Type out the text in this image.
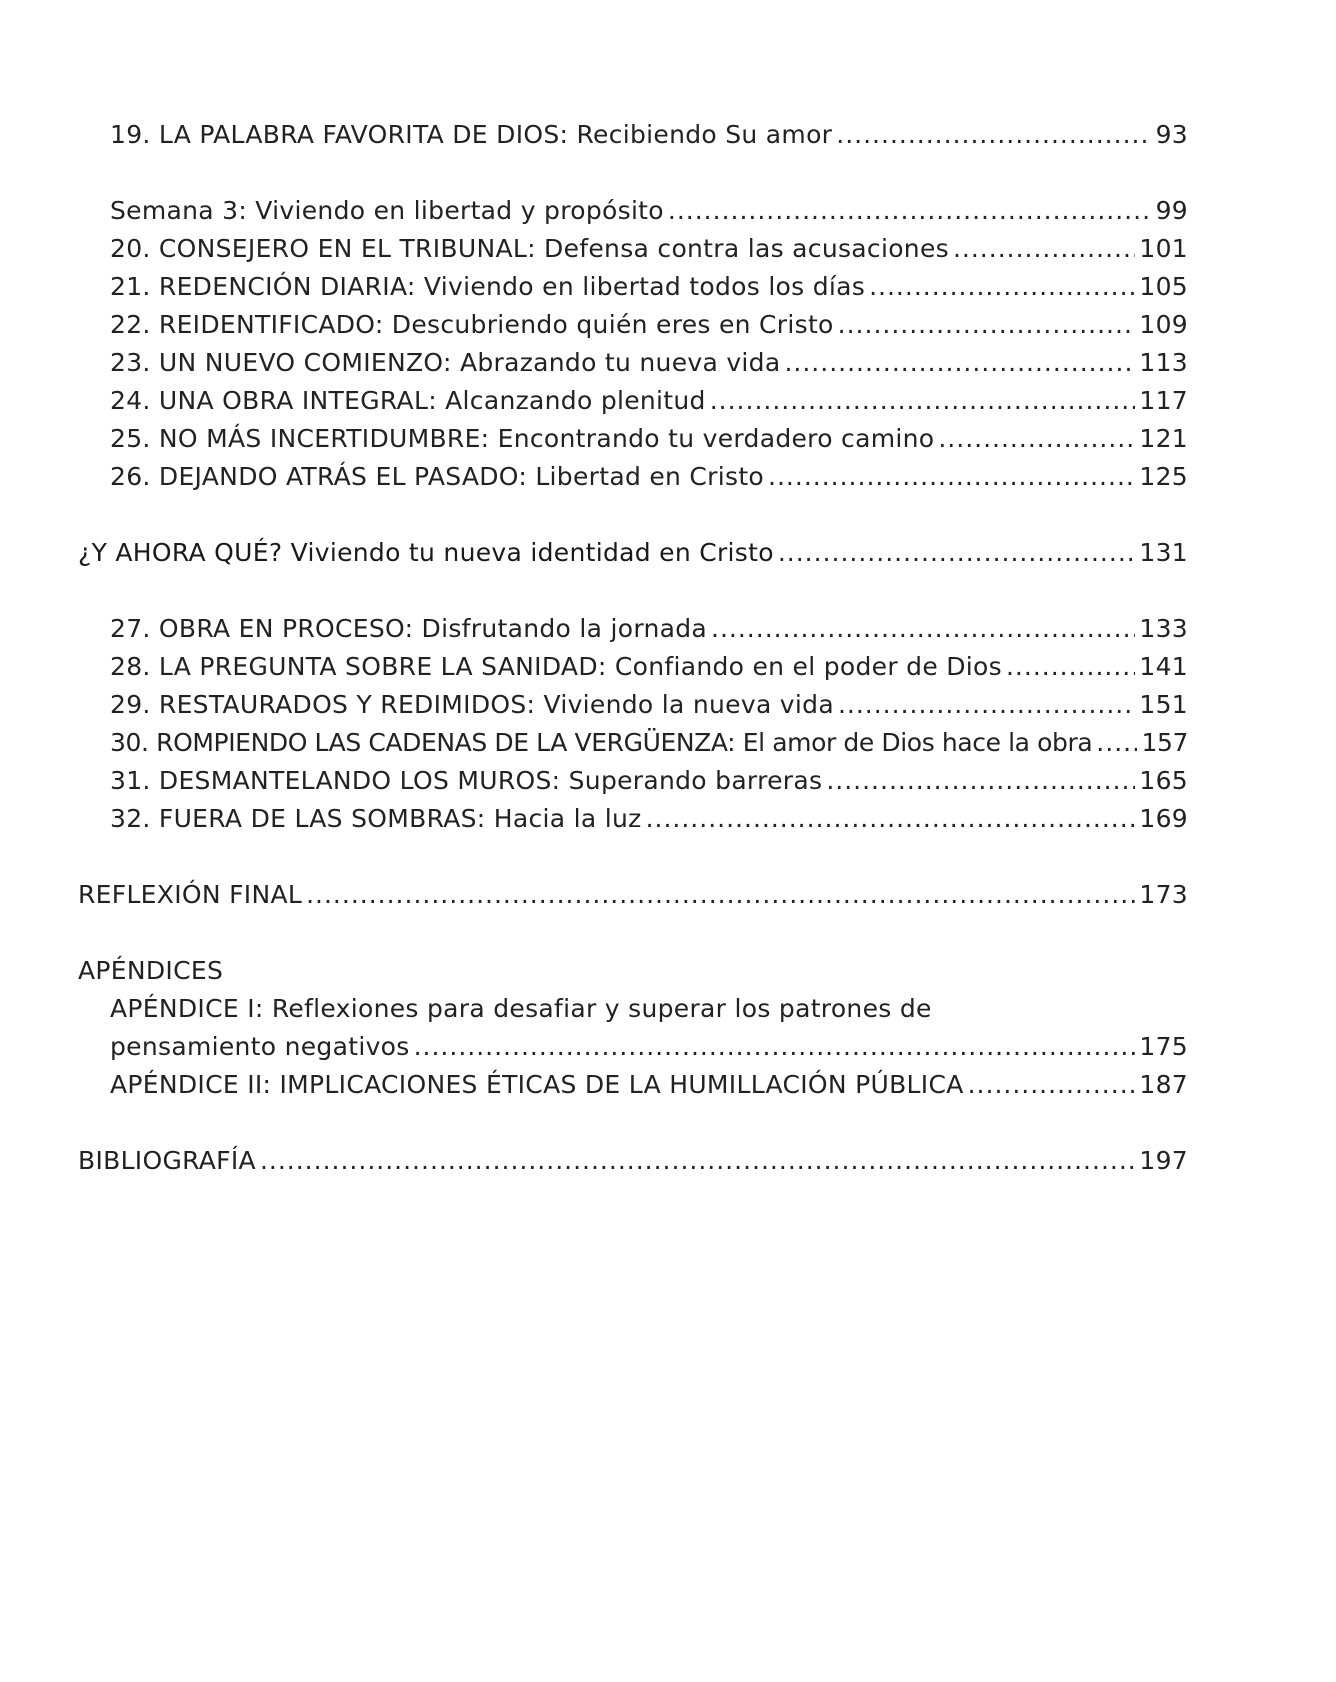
19. LA PALABRA FAVORITA DE DIOS: Recibiendo Su amor .....	93
Semana 3: Viviendo en libertad y propósito .....	99
20. CONSEJERO EN EL TRIBUNAL: Defensa contra las acusaciones .....	101
21. REDENCIÓN DIARIA: Viviendo en libertad todos los días .....	105
22. REIDENTIFICADO: Descubriendo quién eres en Cristo .....	109
23. UN NUEVO COMIENZO: Abrazando tu nueva vida .....	113
24. UNA OBRA INTEGRAL: Alcanzando plenitud .....	117
25. NO MÁS INCERTIDUMBRE: Encontrando tu verdadero camino .....	121
26. DEJANDO ATRÁS EL PASADO: Libertad en Cristo .....	125
¿Y AHORA QUÉ? Viviendo tu nueva identidad en Cristo .....	131
27. OBRA EN PROCESO: Disfrutando la jornada .....	133
28. LA PREGUNTA SOBRE LA SANIDAD: Confiando en el poder de Dios .....	141
29. RESTAURADOS Y REDIMIDOS: Viviendo la nueva vida .....	151
30. ROMPIENDO LAS CADENAS DE LA VERGÜENZA: El amor de Dios hace la obra ..... 157
31. DESMANTELANDO LOS MUROS: Superando barreras .....	165
32. FUERA DE LAS SOMBRAS: Hacia la luz .....	169
REFLEXIÓN FINAL .....	173
APÉNDICES
APÉNDICE I: Reflexiones para desafiar y superar los patrones de
pensamiento negativos .....	175
APÉNDICE II: IMPLICACIONES ÉTICAS DE LA HUMILLACIÓN PÚBLICA .....	187
BIBLIOGRAFÍA .....	197
